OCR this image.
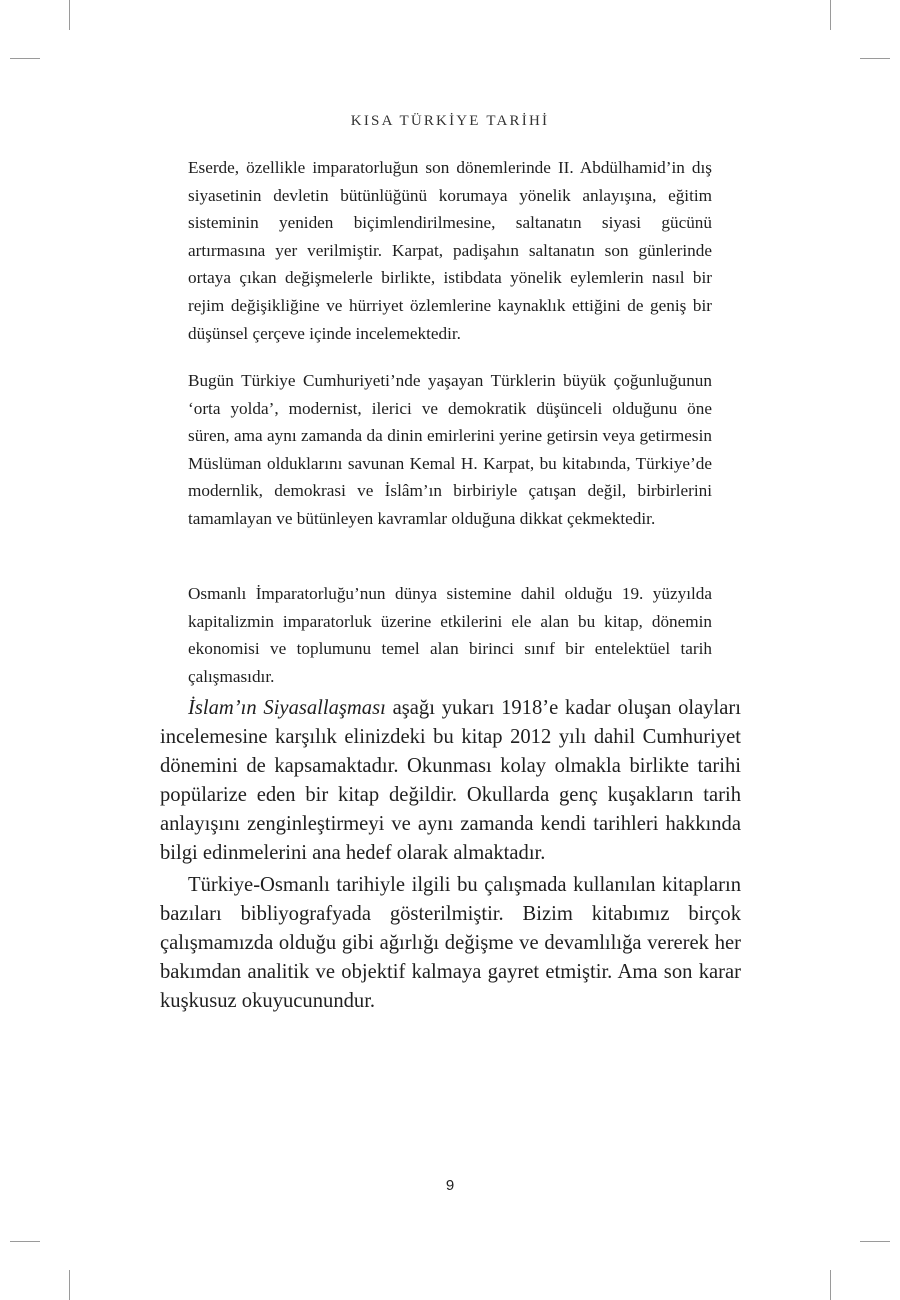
KISA TÜRKİYE TARİHİ

Eserde, özellikle imparatorluğun son dönemlerinde II. Abdülhamid’in dış siyasetinin devletin bütünlüğünü korumaya yönelik anlayışına, eğitim sisteminin yeniden biçimlendirilmesine, saltanatın siyasi gücünü artırmasına yer verilmiştir. Karpat, padişahın saltanatın son günlerinde ortaya çıkan değişmelerle birlikte, istibdata yönelik eylemlerin nasıl bir rejim değişikliğine ve hürriyet özlemlerine kaynaklık ettiğini de geniş bir düşünsel çerçeve içinde incelemektedir.

Bugün Türkiye Cumhuriyeti’nde yaşayan Türklerin büyük çoğunluğunun ‘orta yolda’, modernist, ilerici ve demokratik düşünceli olduğunu öne süren, ama aynı zamanda da dinin emirlerini yerine getirsin veya getirmesin Müslüman olduklarını savunan Kemal H. Karpat, bu kitabında, Türkiye’de modernlik, demokrasi ve İslâm’ın birbiriyle çatışan değil, birbirlerini tamamlayan ve bütünleyen kavramlar olduğuna dikkat çekmektedir.

Osmanlı İmparatorluğu’nun dünya sistemine dahil olduğu 19. yüzyılda kapitalizmin imparatorluk üzerine etkilerini ele alan bu kitap, dönemin ekonomisi ve toplumunu temel alan birinci sınıf bir entelektüel tarih çalışmasıdır.

İslam’ın Siyasallaşması aşağı yukarı 1918’e kadar oluşan olayları incelemesine karşılık elinizdeki bu kitap 2012 yılı dahil Cumhuriyet dönemini de kapsamaktadır. Okunması kolay olmakla birlikte tarihi popülarize eden bir kitap değildir. Okullarda genç kuşakların tarih anlayışını zenginleştirmeyi ve aynı zamanda kendi tarihleri hakkında bilgi edinmelerini ana hedef olarak almaktadır.

Türkiye-Osmanlı tarihiyle ilgili bu çalışmada kullanılan kitapların bazıları bibliyografyada gösterilmiştir. Bizim kitabımız birçok çalışmamızda olduğu gibi ağırlığı değişme ve devamlılığa vererek her bakımdan analitik ve objektif kalmaya gayret etmiştir. Ama son karar kuşkusuz okuyucunundur.

9
